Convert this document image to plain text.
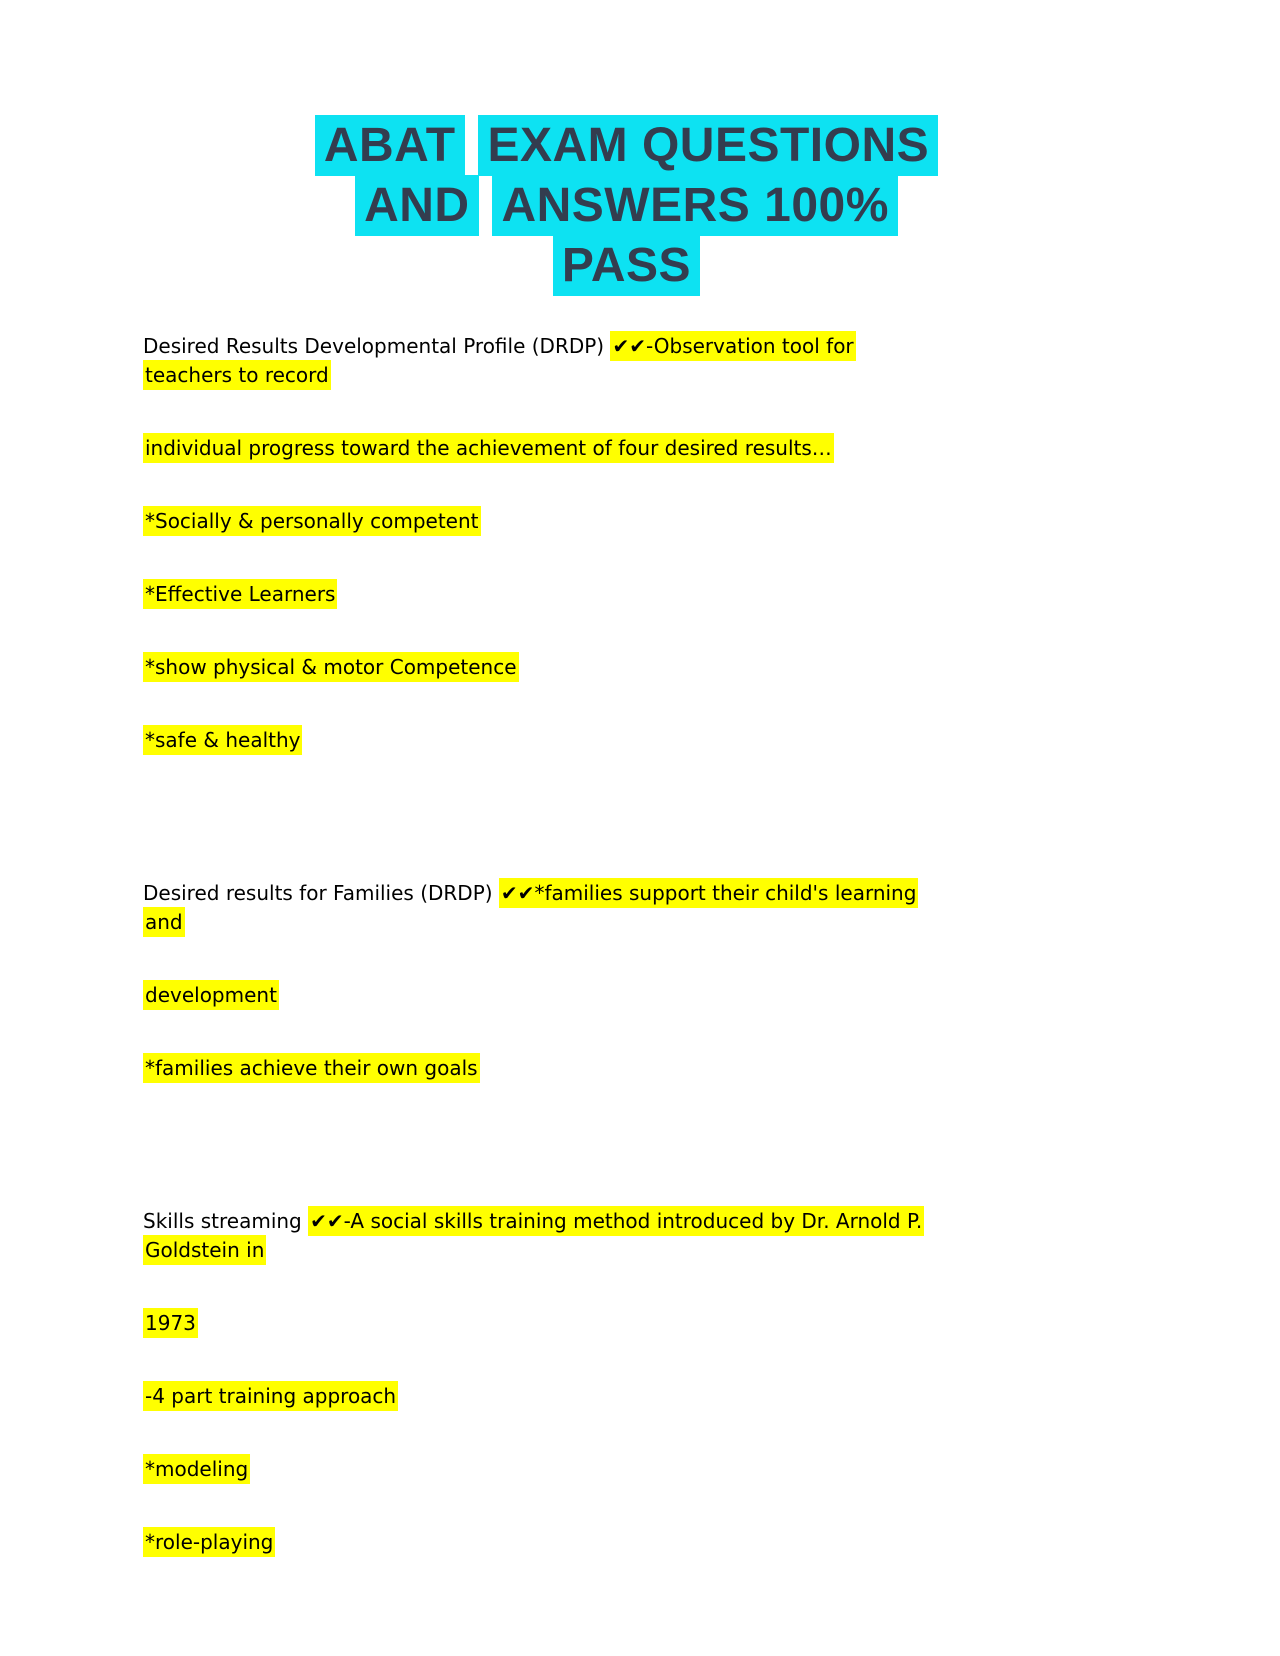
ABAT EXAM QUESTIONS
AND ANSWERS 100%
PASS

Desired Results Developmental Profile (DRDP) ✔✔-Observation tool for
teachers to record

individual progress toward the achievement of four desired results…

*Socially & personally competent

*Effective Learners

*show physical & motor Competence

*safe & healthy

Desired results for Families (DRDP) ✔✔*families support their child's learning
and

development

*families achieve their own goals

Skills streaming ✔✔-A social skills training method introduced by Dr. Arnold P.
Goldstein in

1973

-4 part training approach

*modeling

*role-playing
